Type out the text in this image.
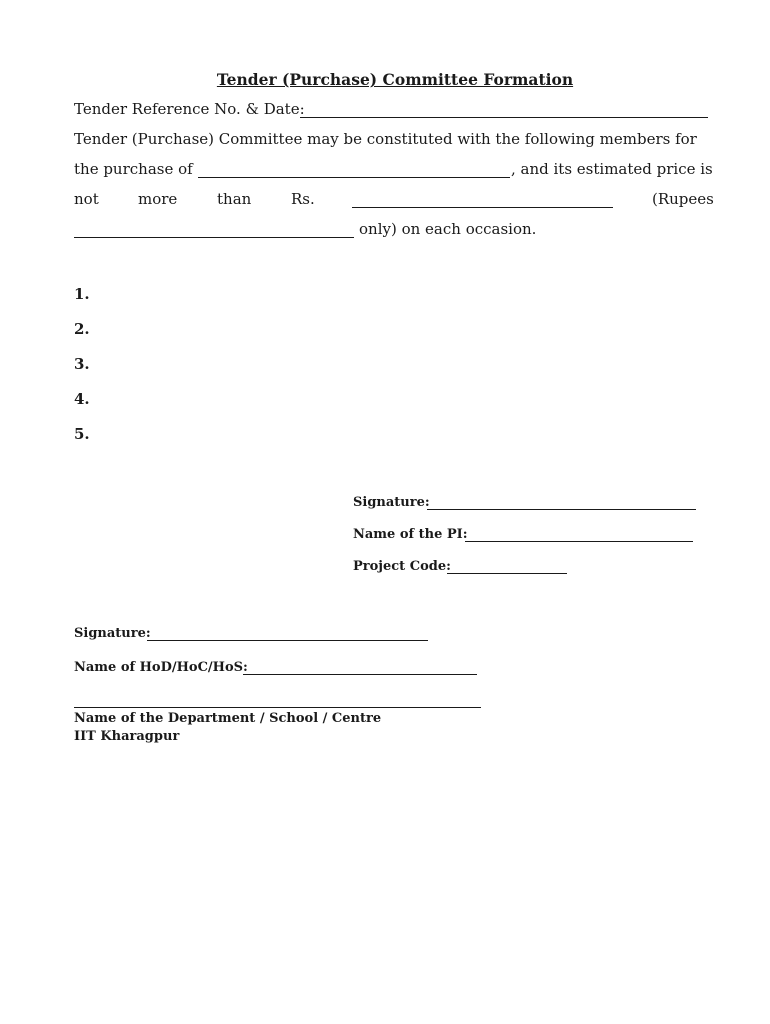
Tender (Purchase) Committee Formation
Tender Reference No. & Date:
Tender (Purchase) Committee may be constituted with the following members for
the purchase of	, and its estimated price is
not	more	than	Rs.	(Rupees
only) on each occasion.
1.
2.
3.
4.
5.
Signature:
Name of the PI:
Project Code:
Signature:
Name of HoD/HoC/HoS:
Name of the Department / School / Centre
IIT Kharagpur
